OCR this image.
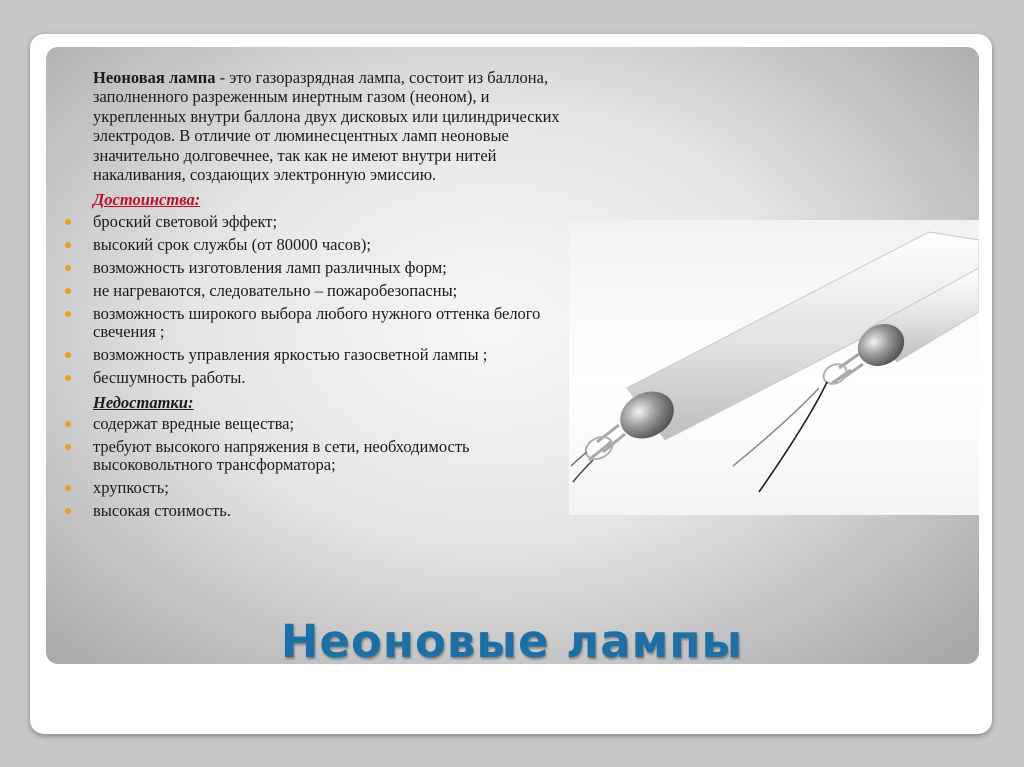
Неоновая лампа - это газоразрядная лампа, состоит из баллона, заполненного разреженным инертным газом (неоном), и укрепленных внутри баллона двух дисковых или цилиндрических электродов. В отличие от люминесцентных ламп неоновые значительно долговечнее, так как не имеют внутри нитей накаливания, создающих электронную эмиссию.
Достоинства:
броский световой эффект;
высокий срок службы (от 80000 часов);
возможность изготовления ламп различных форм;
не нагреваются, следовательно – пожаробезопасны;
возможность широкого выбора любого нужного оттенка белого свечения ;
возможность управления яркостью газосветной лампы ;
бесшумность работы.
Недостатки:
содержат вредные вещества;
требуют высокого напряжения в сети, необходимость высоковольтного трансформатора;
хрупкость;
высокая стоимость.
Неоновые лампы
